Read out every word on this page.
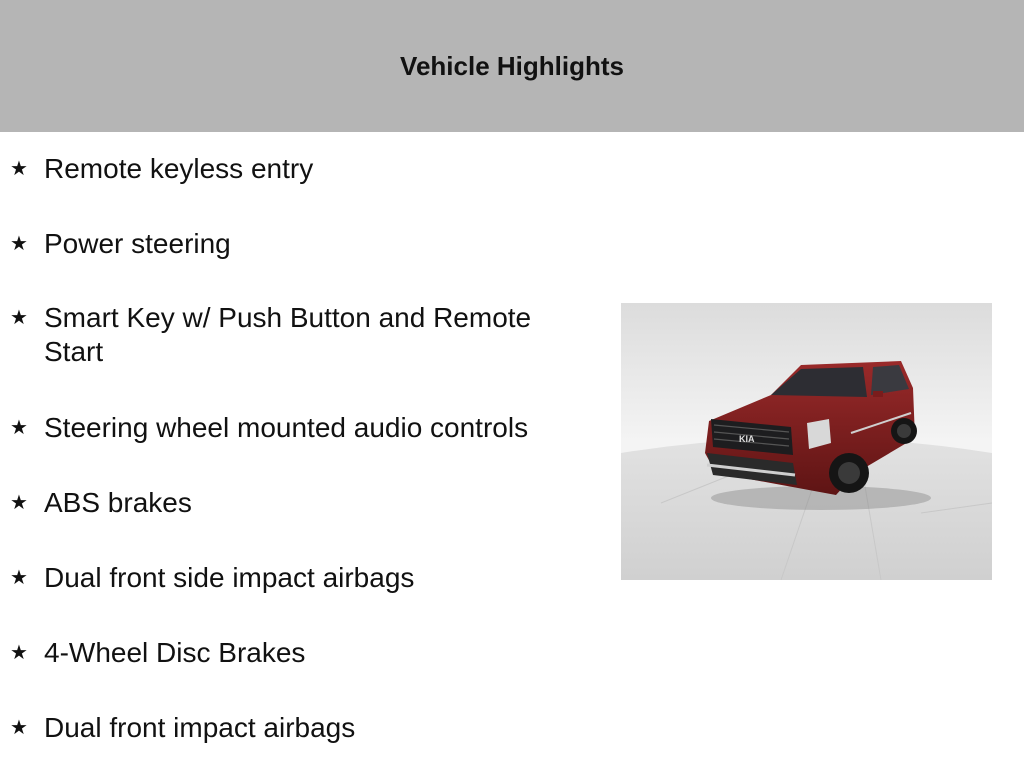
Vehicle Highlights
★ Remote keyless entry
★ Power steering
★ Smart Key w/ Push Button and Remote Start
★ Steering wheel mounted audio controls
★ ABS brakes
★ Dual front side impact airbags
★ 4-Wheel Disc Brakes
★ Dual front impact airbags
KIA
